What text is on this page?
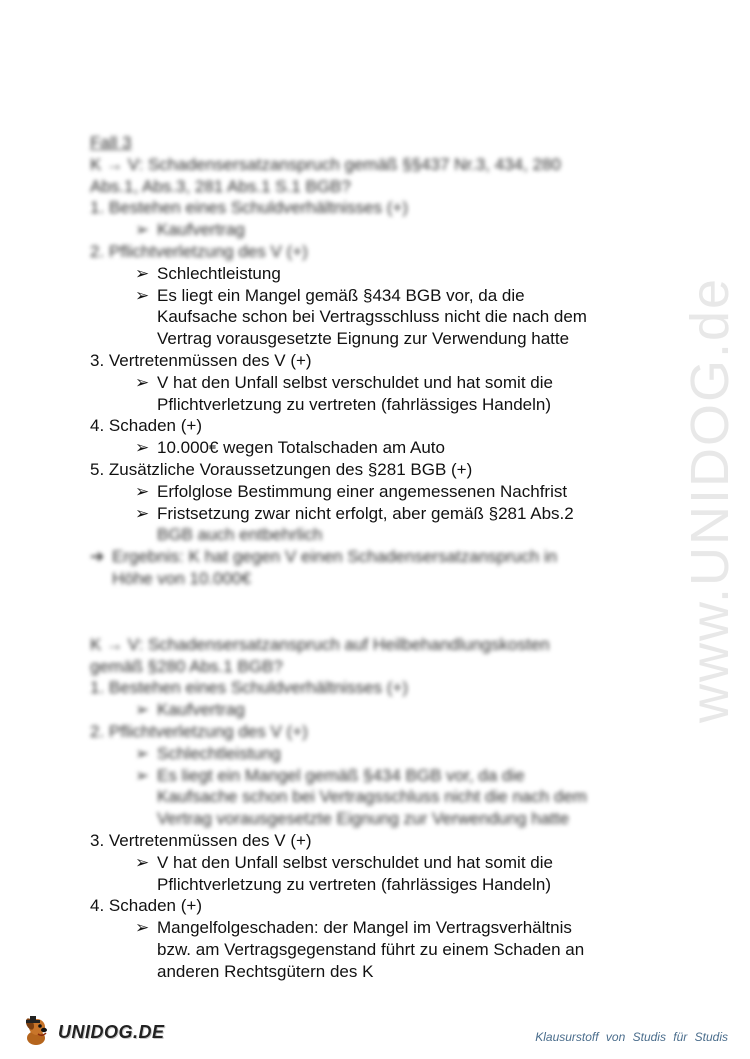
www.UNIDOG.de
Fall 3
K → V: Schadensersatzanspruch gemäß §§437 Nr.3, 434, 280
Abs.1, Abs.3, 281 Abs.1 S.1 BGB?
1. Bestehen eines Schuldverhältnisses (+)
➢ Kaufvertrag
2. Pflichtverletzung des V (+)
➢ Schlechtleistung
➢ Es liegt ein Mangel gemäß §434 BGB vor, da die
Kaufsache schon bei Vertragsschluss nicht die nach dem
Vertrag vorausgesetzte Eignung zur Verwendung hatte
3. Vertretenmüssen des V (+)
➢ V hat den Unfall selbst verschuldet und hat somit die
Pflichtverletzung zu vertreten (fahrlässiges Handeln)
4. Schaden (+)
➢ 10.000€ wegen Totalschaden am Auto
5. Zusätzliche Voraussetzungen des §281 BGB (+)
➢ Erfolglose Bestimmung einer angemessenen Nachfrist
➢ Fristsetzung zwar nicht erfolgt, aber gemäß §281 Abs.2
BGB auch entbehrlich
➔ Ergebnis: K hat gegen V einen Schadensersatzanspruch in
Höhe von 10.000€
K → V: Schadensersatzanspruch auf Heilbehandlungskosten
gemäß §280 Abs.1 BGB?
1. Bestehen eines Schuldverhältnisses (+)
➢ Kaufvertrag
2. Pflichtverletzung des V (+)
➢ Schlechtleistung
➢ Es liegt ein Mangel gemäß §434 BGB vor, da die
Kaufsache schon bei Vertragsschluss nicht die nach dem
Vertrag vorausgesetzte Eignung zur Verwendung hatte
3. Vertretenmüssen des V (+)
➢ V hat den Unfall selbst verschuldet und hat somit die
Pflichtverletzung zu vertreten (fahrlässiges Handeln)
4. Schaden (+)
➢ Mangelfolgeschaden: der Mangel im Vertragsverhältnis
bzw. am Vertragsgegenstand führt zu einem Schaden an
anderen Rechtsgütern des K
UNIDOG.DE	Klausurstoff von Studis für Studis
